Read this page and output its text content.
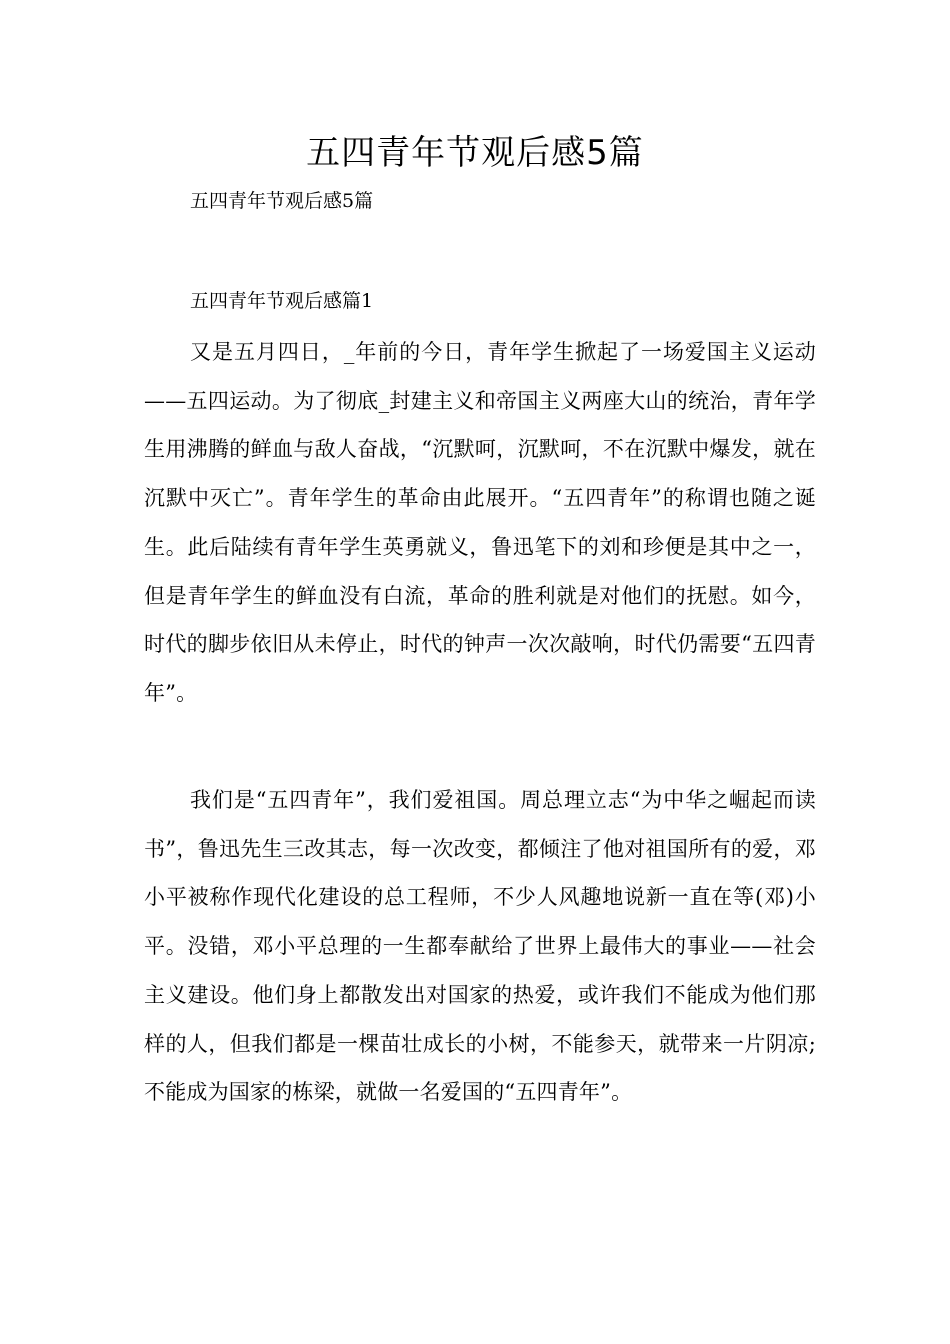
五四青年节观后感5篇

五四青年节观后感5篇

五四青年节观后感篇1

又是五月四日，_年前的今日，青年学生掀起了一场爱国主义运动——五四运动。为了彻底_封建主义和帝国主义两座大山的统治，青年学生用沸腾的鲜血与敌人奋战，“沉默呵，沉默呵，不在沉默中爆发，就在沉默中灭亡”。青年学生的革命由此展开。“五四青年”的称谓也随之诞生。此后陆续有青年学生英勇就义，鲁迅笔下的刘和珍便是其中之一，但是青年学生的鲜血没有白流，革命的胜利就是对他们的抚慰。如今，时代的脚步依旧从未停止，时代的钟声一次次敲响，时代仍需要“五四青年”。

我们是“五四青年”，我们爱祖国。周总理立志“为中华之崛起而读书”，鲁迅先生三改其志，每一次改变，都倾注了他对祖国所有的爱，邓小平被称作现代化建设的总工程师，不少人风趣地说新一直在等(邓)小平。没错，邓小平总理的一生都奉献给了世界上最伟大的事业——社会主义建设。他们身上都散发出对国家的热爱，或许我们不能成为他们那样的人，但我们都是一棵苗壮成长的小树，不能参天，就带来一片阴凉;不能成为国家的栋梁，就做一名爱国的“五四青年”。
